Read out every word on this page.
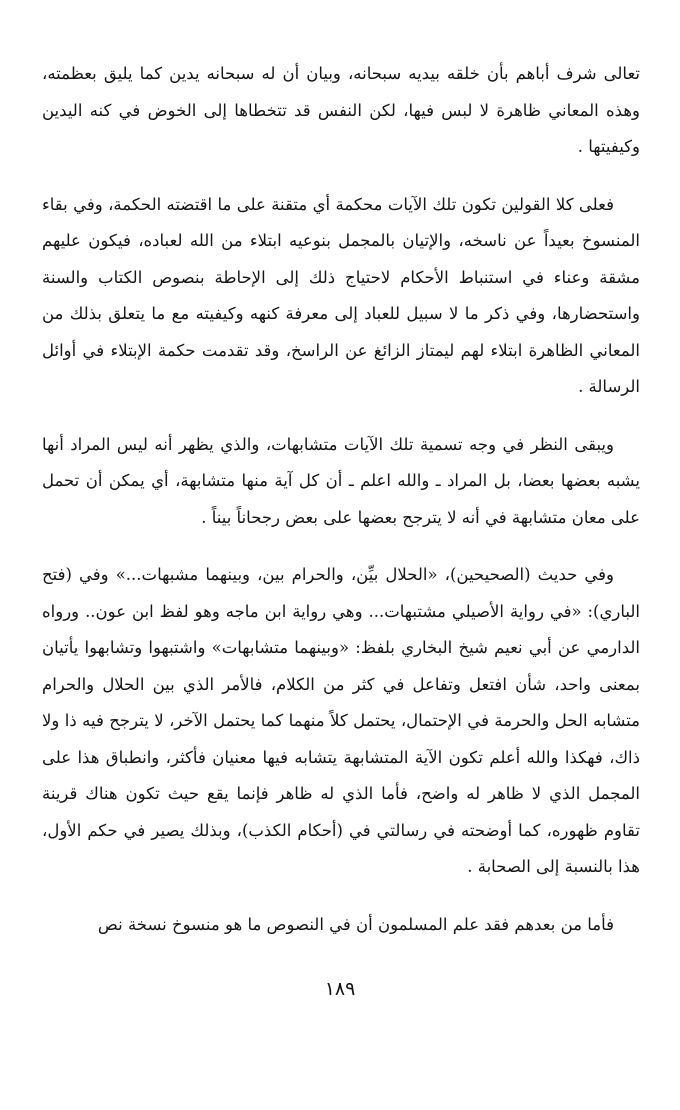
تعالى شرف أباهم بأن خلقه بيديه سبحانه، وبيان أن له سبحانه يدين كما يليق بعظمته، وهذه المعاني ظاهرة لا لبس فيها، لكن النفس قد تتخطاها إلى الخوض في كنه اليدين وكيفيتها .

فعلى كلا القولين تكون تلك الآيات محكمة أي متقنة على ما اقتضته الحكمة، وفي بقاء المنسوخ بعيداً عن ناسخه، والإتيان بالمجمل بنوعيه ابتلاء من الله لعباده، فيكون عليهم مشقة وعناء في استنباط الأحكام لاحتياج ذلك إلى الإحاطة بنصوص الكتاب والسنة واستحضارها، وفي ذكر ما لا سبيل للعباد إلى معرفة كنهه وكيفيته مع ما يتعلق بذلك من المعاني الظاهرة ابتلاء لهم ليمتاز الزائغ عن الراسخ، وقد تقدمت حكمة الإبتلاء في أوائل الرسالة .

ويبقى النظر في وجه تسمية تلك الآيات متشابهات، والذي يظهر أنه ليس المراد أنها يشبه بعضها بعضا، بل المراد ـ والله اعلم ـ أن كل آية منها متشابهة، أي يمكن أن تحمل على معان متشابهة في أنه لا يترجح بعضها على بعض رجحاناً بيناً .

وفي حديث (الصحيحين)، «الحلال بيِّن، والحرام بين، وبينهما مشبهات...» وفي (فتح الباري): «في رواية الأصيلي مشتبهات... وهي رواية ابن ماجه وهو لفظ ابن عون.. ورواه الدارمي عن أبي نعيم شيخ البخاري بلفظ: «وبينهما متشابهات» واشتبهوا وتشابهوا يأتيان بمعنى واحد، شأن افتعل وتفاعل في كثر من الكلام، فالأمر الذي بين الحلال والحرام متشابه الحل والحرمة في الإحتمال، يحتمل كلاً منهما كما يحتمل الآخر، لا يترجح فيه ذا ولا ذاك، فهكذا والله أعلم تكون الآية المتشابهة يتشابه فيها معنيان فأكثر، وانطباق هذا على المجمل الذي لا ظاهر له واضح، فأما الذي له ظاهر فإنما يقع حيث تكون هناك قرينة تقاوم ظهوره، كما أوضحته في رسالتي في (أحكام الكذب)، وبذلك يصير في حكم الأول، هذا بالنسبة إلى الصحابة .

فأما من بعدهم فقد علم المسلمون أن في النصوص ما هو منسوخ نسخة نص

١٨٩
